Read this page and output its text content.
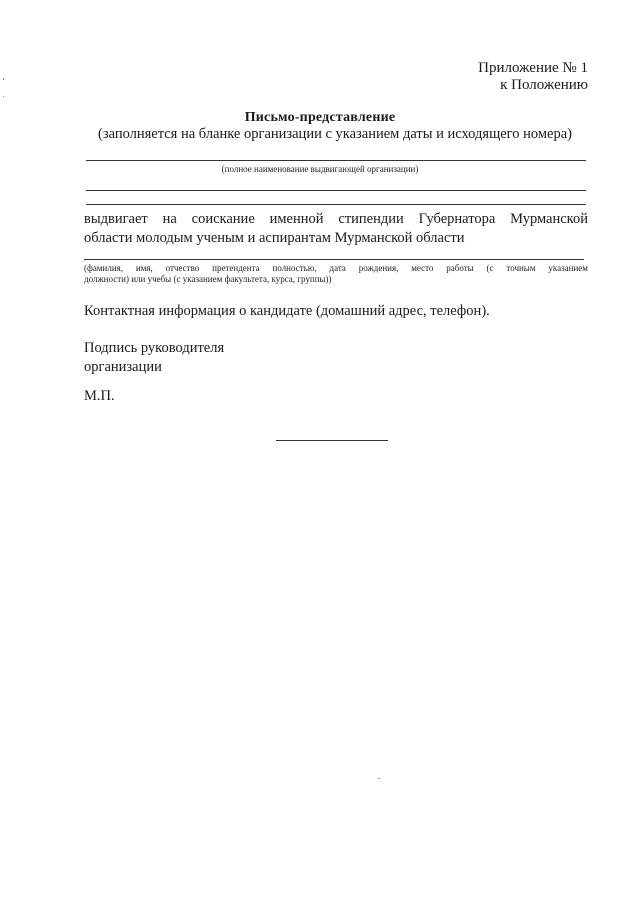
Приложение № 1
к Положению
Письмо-представление
(заполняется на бланке организации с указанием даты и исходящего номера)
(полное наименование выдвигающей организации)
выдвигает на соискание именной стипендии Губернатора Мурманской
области молодым ученым и аспирантам Мурманской области
(фамилия, имя, отчество претендента полностью, дата рождения, место работы (с точным указанием
должности) или учебы (с указанием факультета, курса, группы))
Контактная информация о кандидате (домашний адрес, телефон).
Подпись руководителя
организации
М.П.
